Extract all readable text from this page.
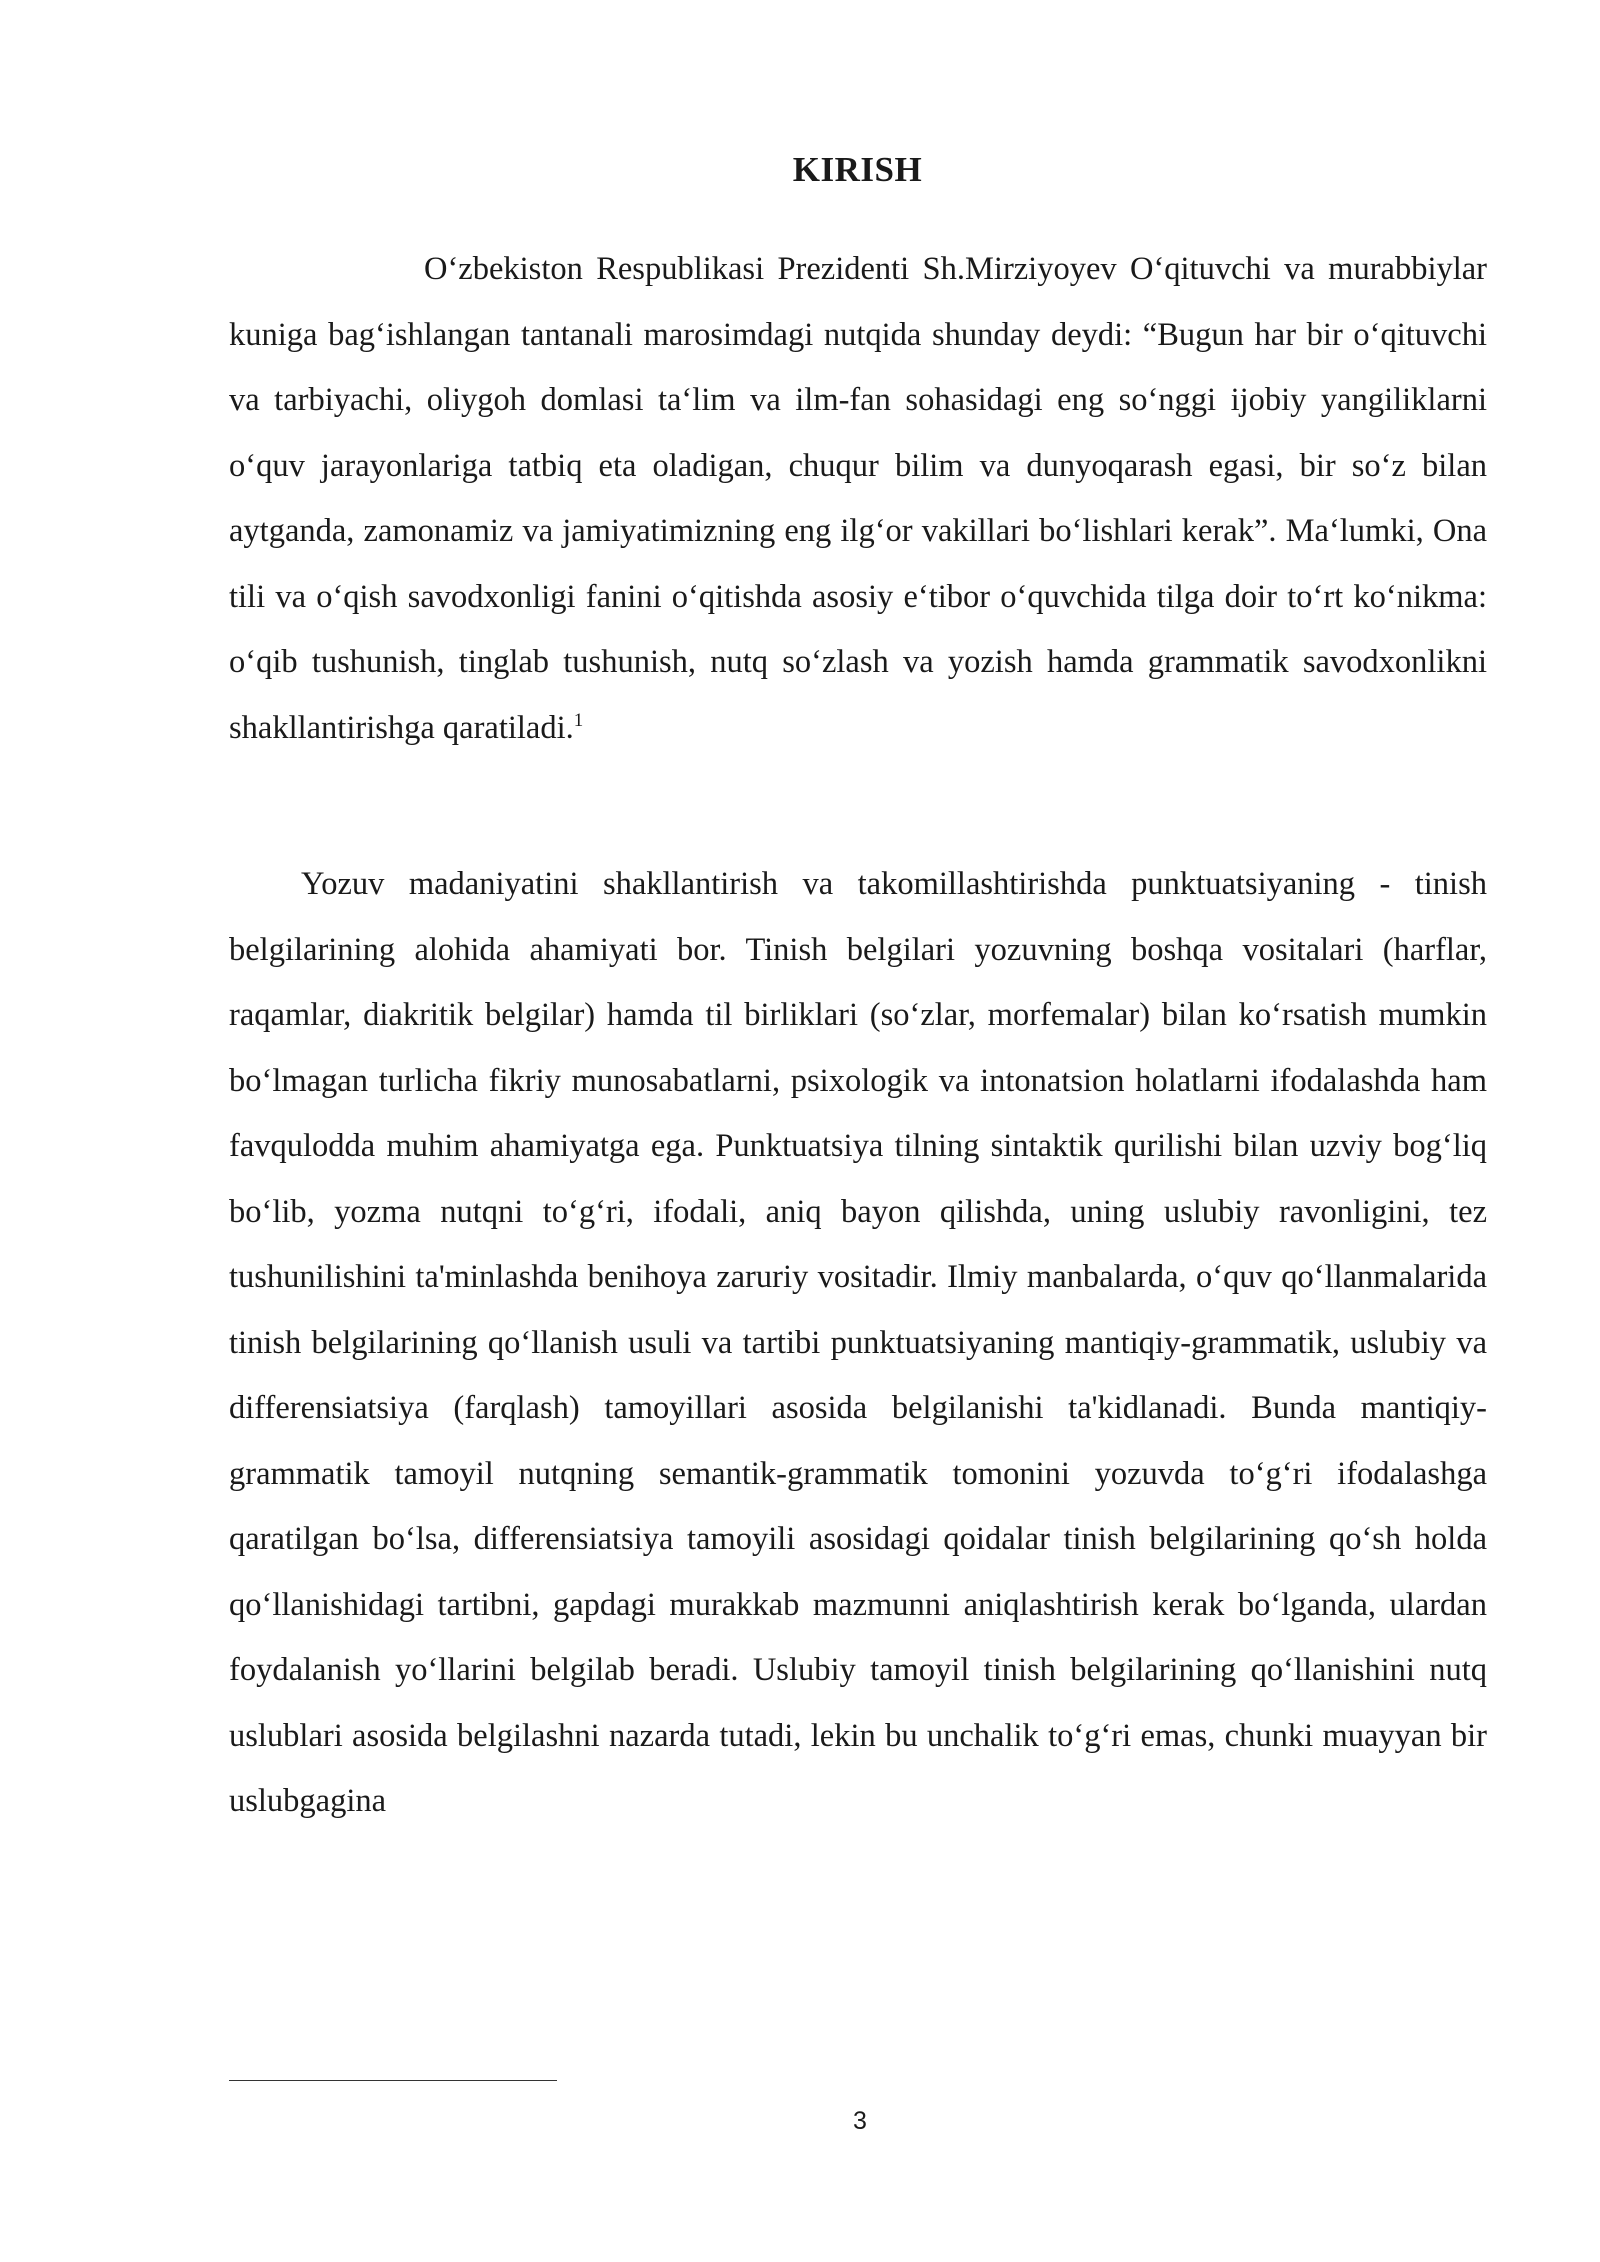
KIRISH

O‘zbekiston Respublikasi Prezidenti Sh.Mirziyoyev O‘qituvchi va murabbiylar kuniga bag‘ishlangan tantanali marosimdagi nutqida shunday deydi: “Bugun har bir o‘qituvchi va tarbiyachi, oliygoh domlasi ta‘lim va ilm-fan sohasidagi eng so‘nggi ijobiy yangiliklarni o‘quv jarayonlariga tatbiq eta oladigan, chuqur bilim va dunyoqarash egasi, bir so‘z bilan aytganda, zamonamiz va jamiyatimizning eng ilg‘or vakillari bo‘lishlari kerak”. Ma‘lumki, Ona tili va o‘qish savodxonligi fanini o‘qitishda asosiy e‘tibor o‘quvchida tilga doir to‘rt ko‘nikma: o‘qib tushunish, tinglab tushunish, nutq so‘zlash va yozish hamda grammatik savodxonlikni shakllantirishga qaratiladi.$^1$

Yozuv madaniyatini shakllantirish va takomillashtirishda punktuatsiyaning - tinish belgilarining alohida ahamiyati bor. Tinish belgilari yozuvning boshqa vositalari (harflar, raqamlar, diakritik belgilar) hamda til birliklari (so‘zlar, morfemalar) bilan ko‘rsatish mumkin bo‘lmagan turlicha fikriy munosabatlarni, psixologik va intonatsion holatlarni ifodalashda ham favqulodda muhim ahamiyatga ega. Punktuatsiya tilning sintaktik qurilishi bilan uzviy bog‘liq bo‘lib, yozma nutqni to‘g‘ri, ifodali, aniq bayon qilishda, uning uslubiy ravonligini, tez tushunilishini ta'minlashda benihoya zaruriy vositadir. Ilmiy manbalarda, o‘quv qo‘llanmalarida tinish belgilarining qo‘llanish usuli va tartibi punktuatsiyaning mantiqiy-grammatik, uslubiy va differensiatsiya (farqlash) tamoyillari asosida belgilanishi ta'kidlanadi. Bunda mantiqiy-grammatik tamoyil nutqning semantik-grammatik tomonini yozuvda to‘g‘ri ifodalashga qaratilgan bo‘lsa, differensiatsiya tamoyili asosidagi qoidalar tinish belgilarining qo‘sh holda qo‘llanishidagi tartibni, gapdagi murakkab mazmunni aniqlashtirish kerak bo‘lganda, ulardan foydalanish yo‘llarini belgilab beradi. Uslubiy tamoyil tinish belgilarining qo‘llanishini nutq uslublari asosida belgilashni nazarda tutadi, lekin bu unchalik to‘g‘ri emas, chunki muayyan bir uslubgagina

3
